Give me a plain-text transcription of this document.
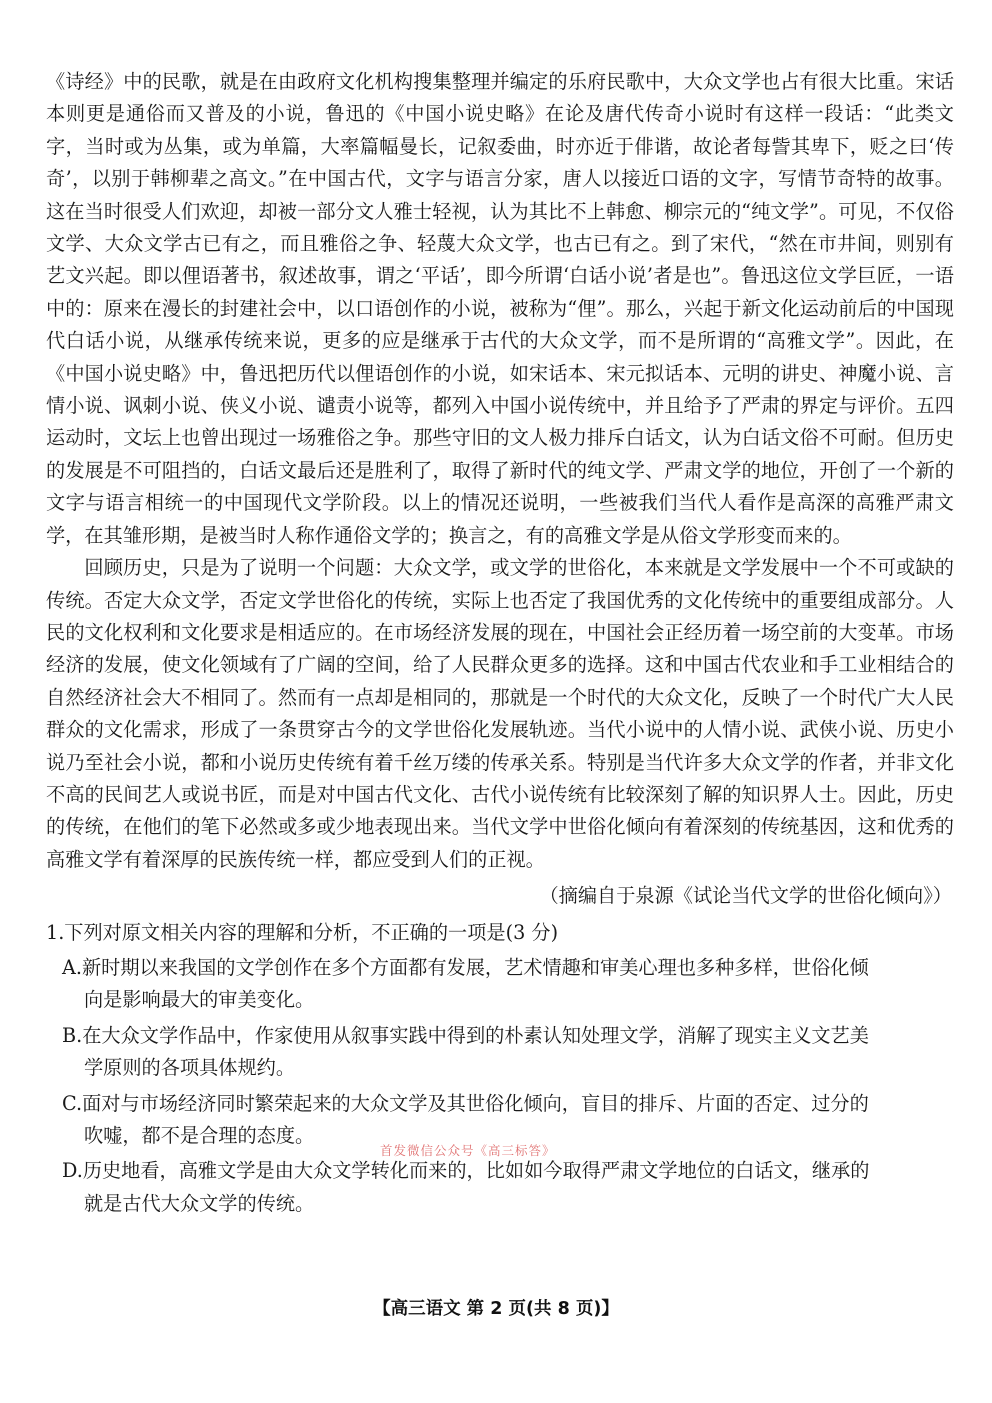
《诗经》中的民歌，就是在由政府文化机构搜集整理并编定的乐府民歌中，大众文学也占有很大比重。宋话本则更是通俗而又普及的小说，鲁迅的《中国小说史略》在论及唐代传奇小说时有这样一段话：“此类文字，当时或为丛集，或为单篇，大率篇幅曼长，记叙委曲，时亦近于俳谐，故论者每訾其卑下，贬之曰‘传奇’，以别于韩柳辈之高文。”在中国古代，文字与语言分家，唐人以接近口语的文字，写情节奇特的故事。这在当时很受人们欢迎，却被一部分文人雅士轻视，认为其比不上韩愈、柳宗元的“纯文学”。可见，不仅俗文学、大众文学古已有之，而且雅俗之争、轻蔑大众文学，也古已有之。到了宋代，“然在市井间，则别有艺文兴起。即以俚语著书，叙述故事，谓之‘平话’，即今所谓‘白话小说’者是也”。鲁迅这位文学巨匠，一语中的：原来在漫长的封建社会中，以口语创作的小说，被称为“俚”。那么，兴起于新文化运动前后的中国现代白话小说，从继承传统来说，更多的应是继承于古代的大众文学，而不是所谓的“高雅文学”。因此，在《中国小说史略》中，鲁迅把历代以俚语创作的小说，如宋话本、宋元拟话本、元明的讲史、神魔小说、言情小说、讽刺小说、侠义小说、谴责小说等，都列入中国小说传统中，并且给予了严肃的界定与评价。五四运动时，文坛上也曾出现过一场雅俗之争。那些守旧的文人极力排斥白话文，认为白话文俗不可耐。但历史的发展是不可阻挡的，白话文最后还是胜利了，取得了新时代的纯文学、严肃文学的地位，开创了一个新的文字与语言相统一的中国现代文学阶段。以上的情况还说明，一些被我们当代人看作是高深的高雅严肃文学，在其雏形期，是被当时人称作通俗文学的；换言之，有的高雅文学是从俗文学形变而来的。

回顾历史，只是为了说明一个问题：大众文学，或文学的世俗化，本来就是文学发展中一个不可或缺的传统。否定大众文学，否定文学世俗化的传统，实际上也否定了我国优秀的文化传统中的重要组成部分。人民的文化权利和文化要求是相适应的。在市场经济发展的现在，中国社会正经历着一场空前的大变革。市场经济的发展，使文化领域有了广阔的空间，给了人民群众更多的选择。这和中国古代农业和手工业相结合的自然经济社会大不相同了。然而有一点却是相同的，那就是一个时代的大众文化，反映了一个时代广大人民群众的文化需求，形成了一条贯穿古今的文学世俗化发展轨迹。当代小说中的人情小说、武侠小说、历史小说乃至社会小说，都和小说历史传统有着千丝万缕的传承关系。特别是当代许多大众文学的作者，并非文化不高的民间艺人或说书匠，而是对中国古代文化、古代小说传统有比较深刻了解的知识界人士。因此，历史的传统，在他们的笔下必然或多或少地表现出来。当代文学中世俗化倾向有着深刻的传统基因，这和优秀的高雅文学有着深厚的民族传统一样，都应受到人们的正视。

（摘编自于泉源《试论当代文学的世俗化倾向》）

1.下列对原文相关内容的理解和分析，不正确的一项是(3 分)

A.新时期以来我国的文学创作在多个方面都有发展，艺术情趣和审美心理也多种多样，世俗化倾
向是影响最大的审美变化。
B.在大众文学作品中，作家使用从叙事实践中得到的朴素认知处理文学，消解了现实主义文艺美
学原则的各项具体规约。
C.面对与市场经济同时繁荣起来的大众文学及其世俗化倾向，盲目的排斥、片面的否定、过分的
吹嘘，都不是合理的态度。
D.历史地看，高雅文学是由大众文学转化而来的，比如如今取得严肃文学地位的白话文，继承的
就是古代大众文学的传统。
首发微信公众号《高三标答》
【高三语文 第 2 页(共 8 页)】
